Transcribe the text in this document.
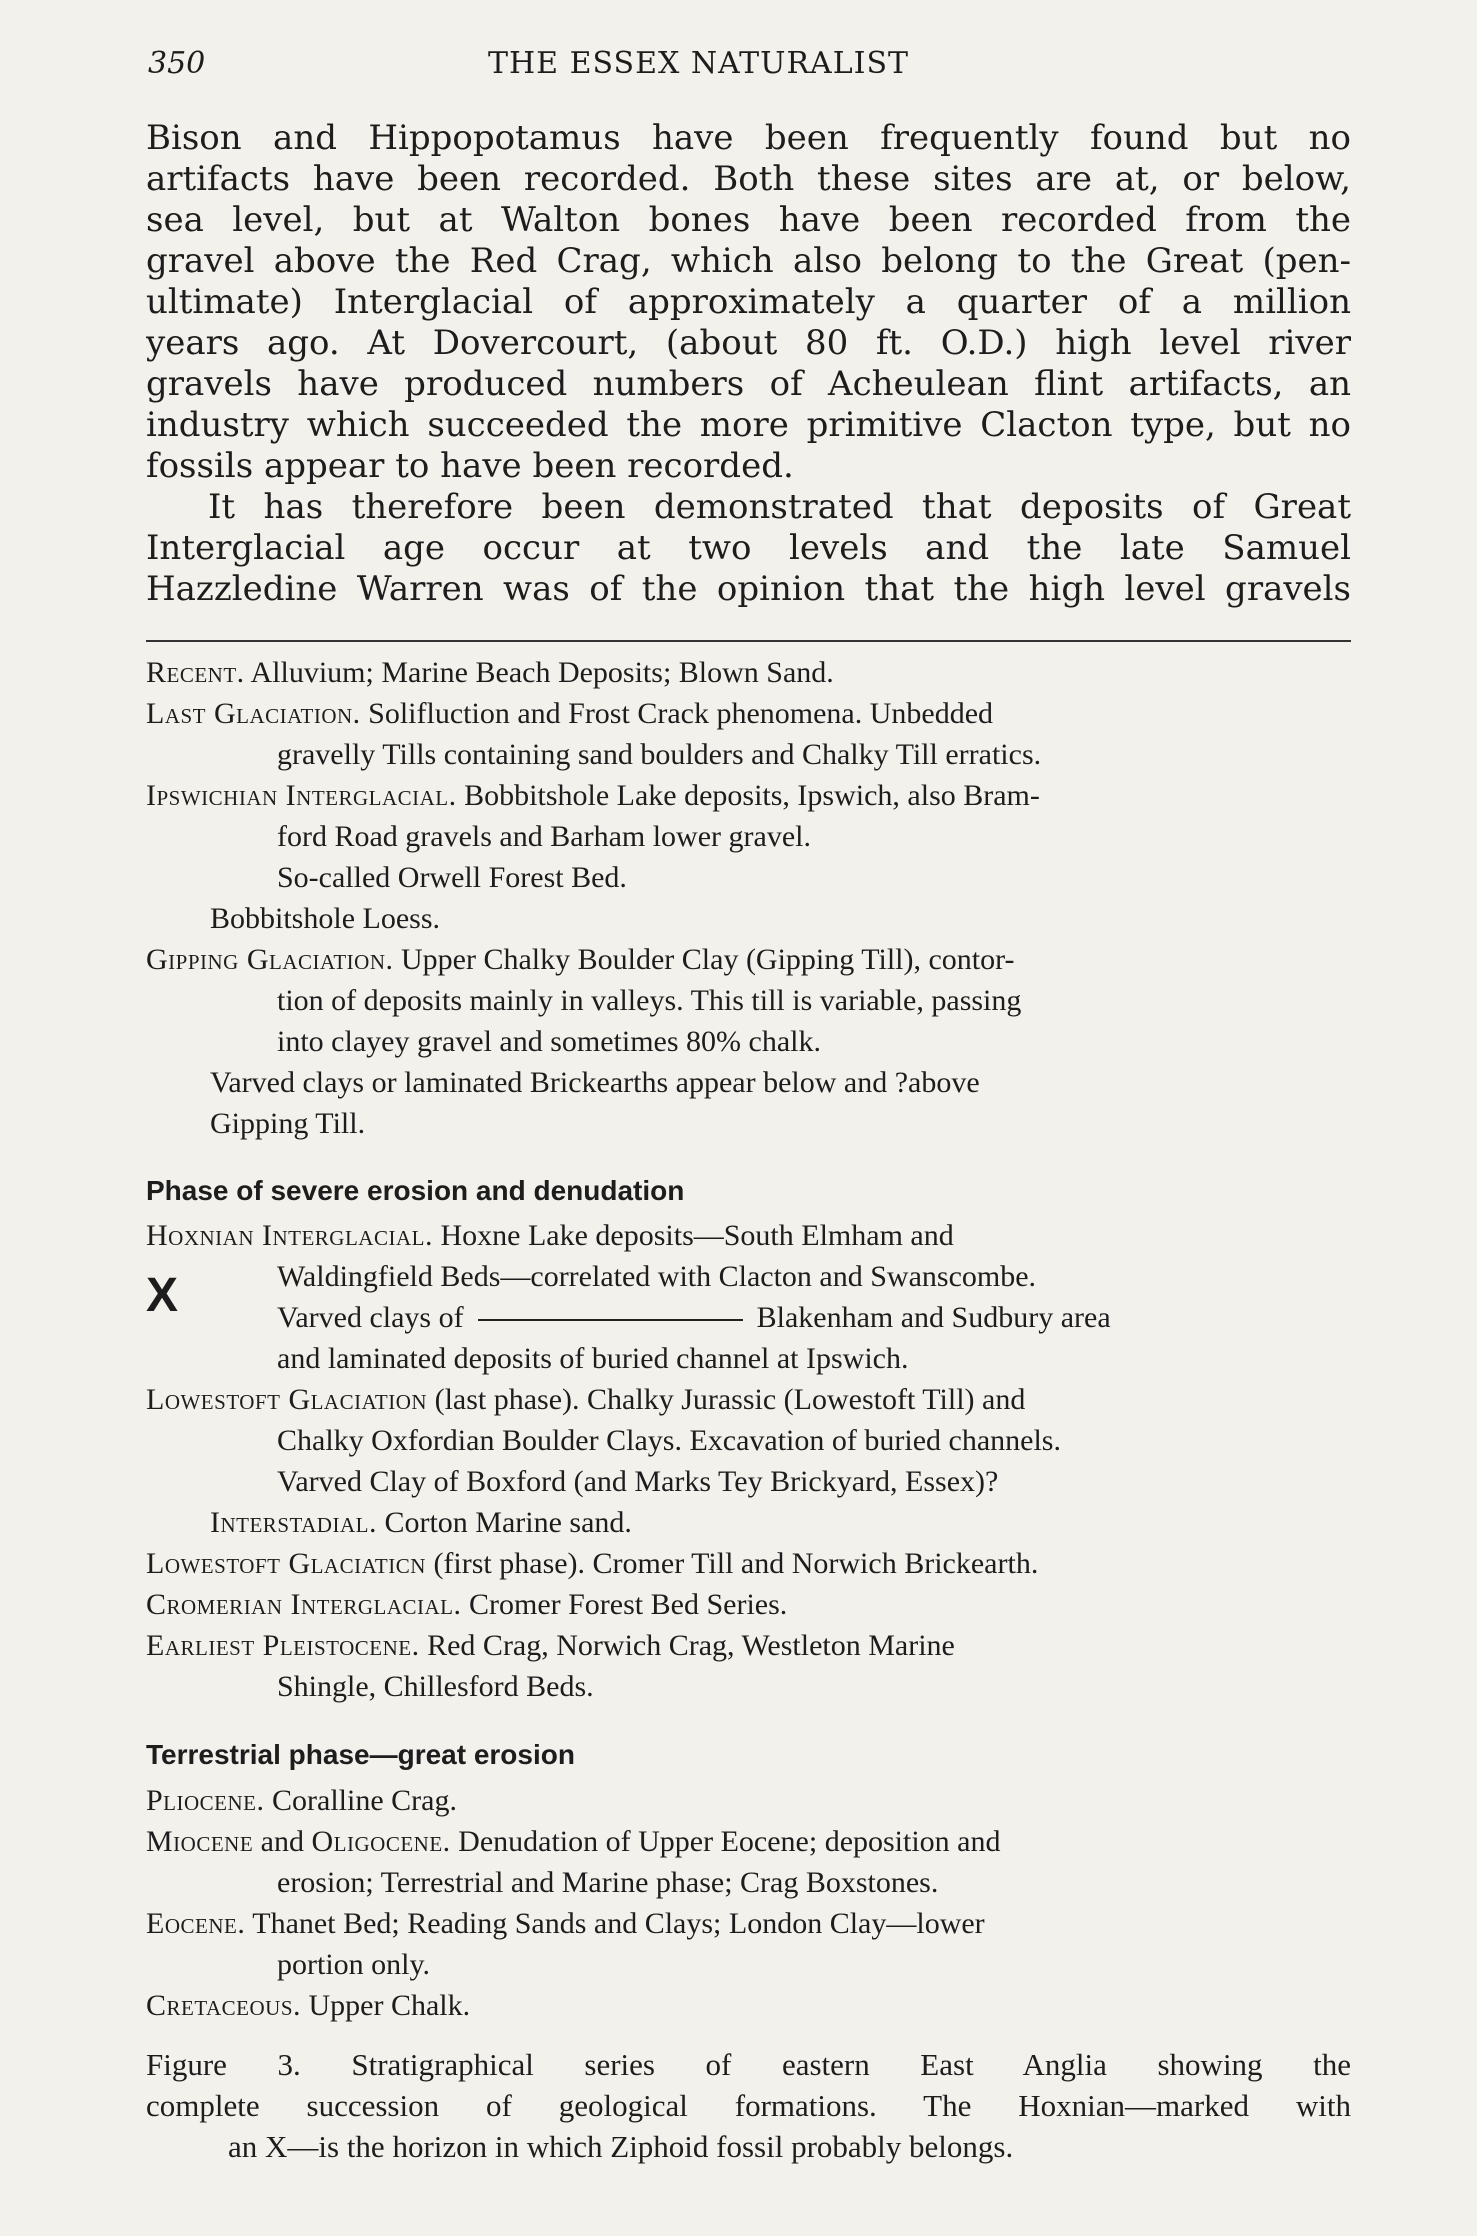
350	THE ESSEX NATURALIST
Bison and Hippopotamus have been frequently found but no
artifacts have been recorded. Both these sites are at, or below,
sea level, but at Walton bones have been recorded from the
gravel above the Red Crag, which also belong to the Great (pen-
ultimate) Interglacial of approximately a quarter of a million
years ago. At Dovercourt, (about 80 ft. O.D.) high level river
gravels have produced numbers of Acheulean flint artifacts, an
industry which succeeded the more primitive Clacton type, but no
fossils appear to have been recorded.
It has therefore been demonstrated that deposits of Great
Interglacial age occur at two levels and the late Samuel
Hazzledine Warren was of the opinion that the high level gravels
Recent. Alluvium; Marine Beach Deposits; Blown Sand.
Last Glaciation. Solifluction and Frost Crack phenomena. Unbedded
gravelly Tills containing sand boulders and Chalky Till erratics.
Ipswichian Interglacial. Bobbitshole Lake deposits, Ipswich, also Bram-
ford Road gravels and Barham lower gravel.
So-called Orwell Forest Bed.
Bobbitshole Loess.
Gipping Glaciation. Upper Chalky Boulder Clay (Gipping Till), contor-
tion of deposits mainly in valleys. This till is variable, passing
into clayey gravel and sometimes 80% chalk.
Varved clays or laminated Brickearths appear below and ?above
Gipping Till.
Phase of severe erosion and denudation
X
Hoxnian Interglacial. Hoxne Lake deposits—South Elmham and
Waldingfield Beds—correlated with Clacton and Swanscombe.
Varved clays of	Blakenham and Sudbury area
and laminated deposits of buried channel at Ipswich.
Lowestoft Glaciation (last phase). Chalky Jurassic (Lowestoft Till) and
Chalky Oxfordian Boulder Clays. Excavation of buried channels.
Varved Clay of Boxford (and Marks Tey Brickyard, Essex)?
Interstadial. Corton Marine sand.
Lowestoft Glaciaticn (first phase). Cromer Till and Norwich Brickearth.
Cromerian Interglacial. Cromer Forest Bed Series.
Earliest Pleistocene. Red Crag, Norwich Crag, Westleton Marine
Shingle, Chillesford Beds.
Terrestrial phase—great erosion
Pliocene. Coralline Crag.
Miocene and Oligocene. Denudation of Upper Eocene; deposition and
erosion; Terrestrial and Marine phase; Crag Boxstones.
Eocene. Thanet Bed; Reading Sands and Clays; London Clay—lower
portion only.
Cretaceous. Upper Chalk.
Figure 3. Stratigraphical series of eastern East Anglia showing the
complete succession of geological formations. The Hoxnian—marked with
an X—is the horizon in which Ziphoid fossil probably belongs.
